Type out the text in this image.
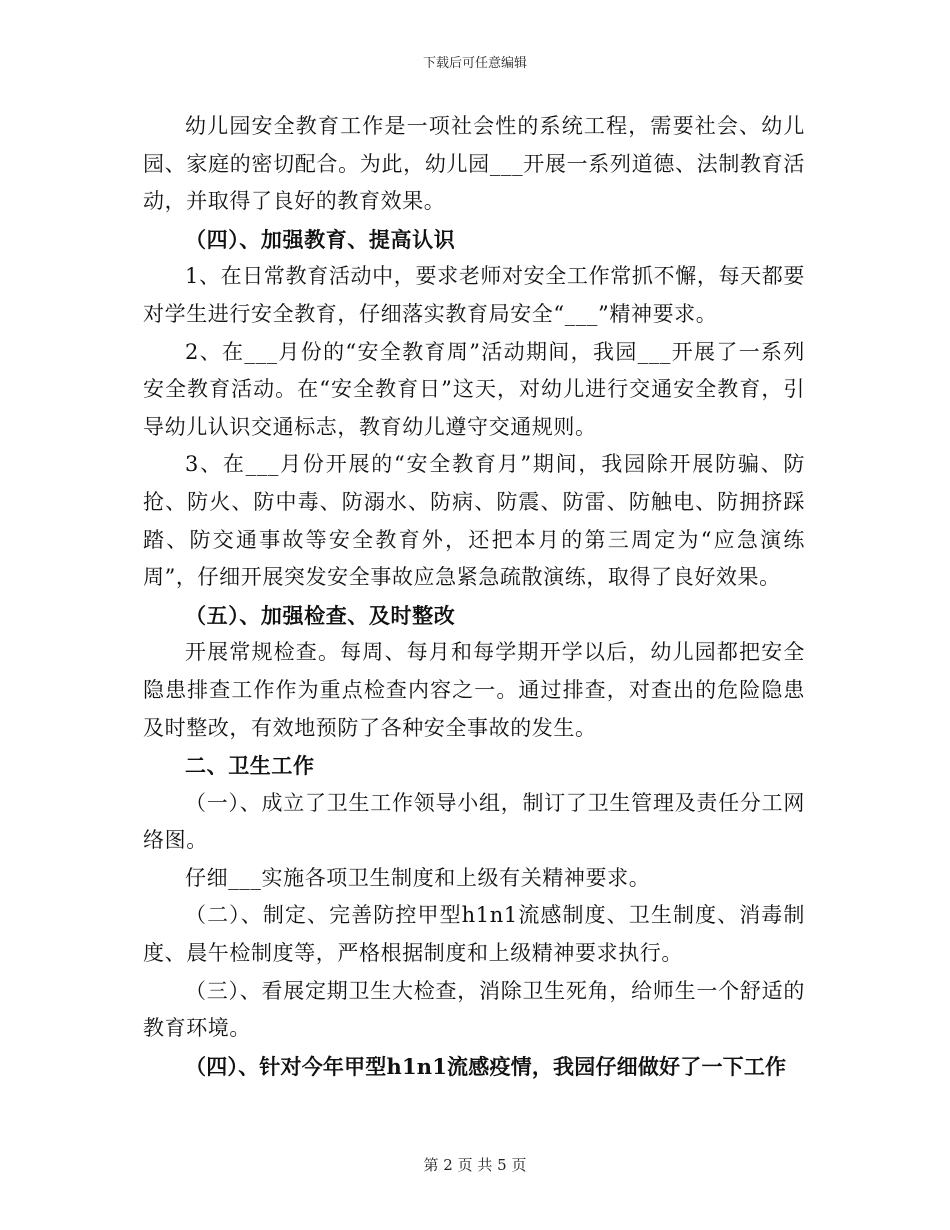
下载后可任意编辑

幼儿园安全教育工作是一项社会性的系统工程，需要社会、幼儿园、家庭的密切配合。为此，幼儿园___开展一系列道德、法制教育活动，并取得了良好的教育效果。

（四）、加强教育、提高认识

1、在日常教育活动中，要求老师对安全工作常抓不懈，每天都要对学生进行安全教育，仔细落实教育局安全“___”精神要求。

2、在___月份的“安全教育周”活动期间，我园___开展了一系列安全教育活动。在“安全教育日”这天，对幼儿进行交通安全教育，引导幼儿认识交通标志，教育幼儿遵守交通规则。

3、在___月份开展的“安全教育月”期间，我园除开展防骗、防抢、防火、防中毒、防溺水、防病、防震、防雷、防触电、防拥挤踩踏、防交通事故等安全教育外，还把本月的第三周定为“应急演练周”，仔细开展突发安全事故应急紧急疏散演练，取得了良好效果。

（五）、加强检查、及时整改

开展常规检查。每周、每月和每学期开学以后，幼儿园都把安全隐患排查工作作为重点检查内容之一。通过排查，对查出的危险隐患及时整改，有效地预防了各种安全事故的发生。

二、卫生工作

（一）、成立了卫生工作领导小组，制订了卫生管理及责任分工网络图。

仔细___实施各项卫生制度和上级有关精神要求。

（二）、制定、完善防控甲型h1n1流感制度、卫生制度、消毒制度、晨午检制度等，严格根据制度和上级精神要求执行。

（三）、看展定期卫生大检查，消除卫生死角，给师生一个舒适的教育环境。

（四）、针对今年甲型h1n1流感疫情，我园仔细做好了一下工作

第 2 页 共 5 页
